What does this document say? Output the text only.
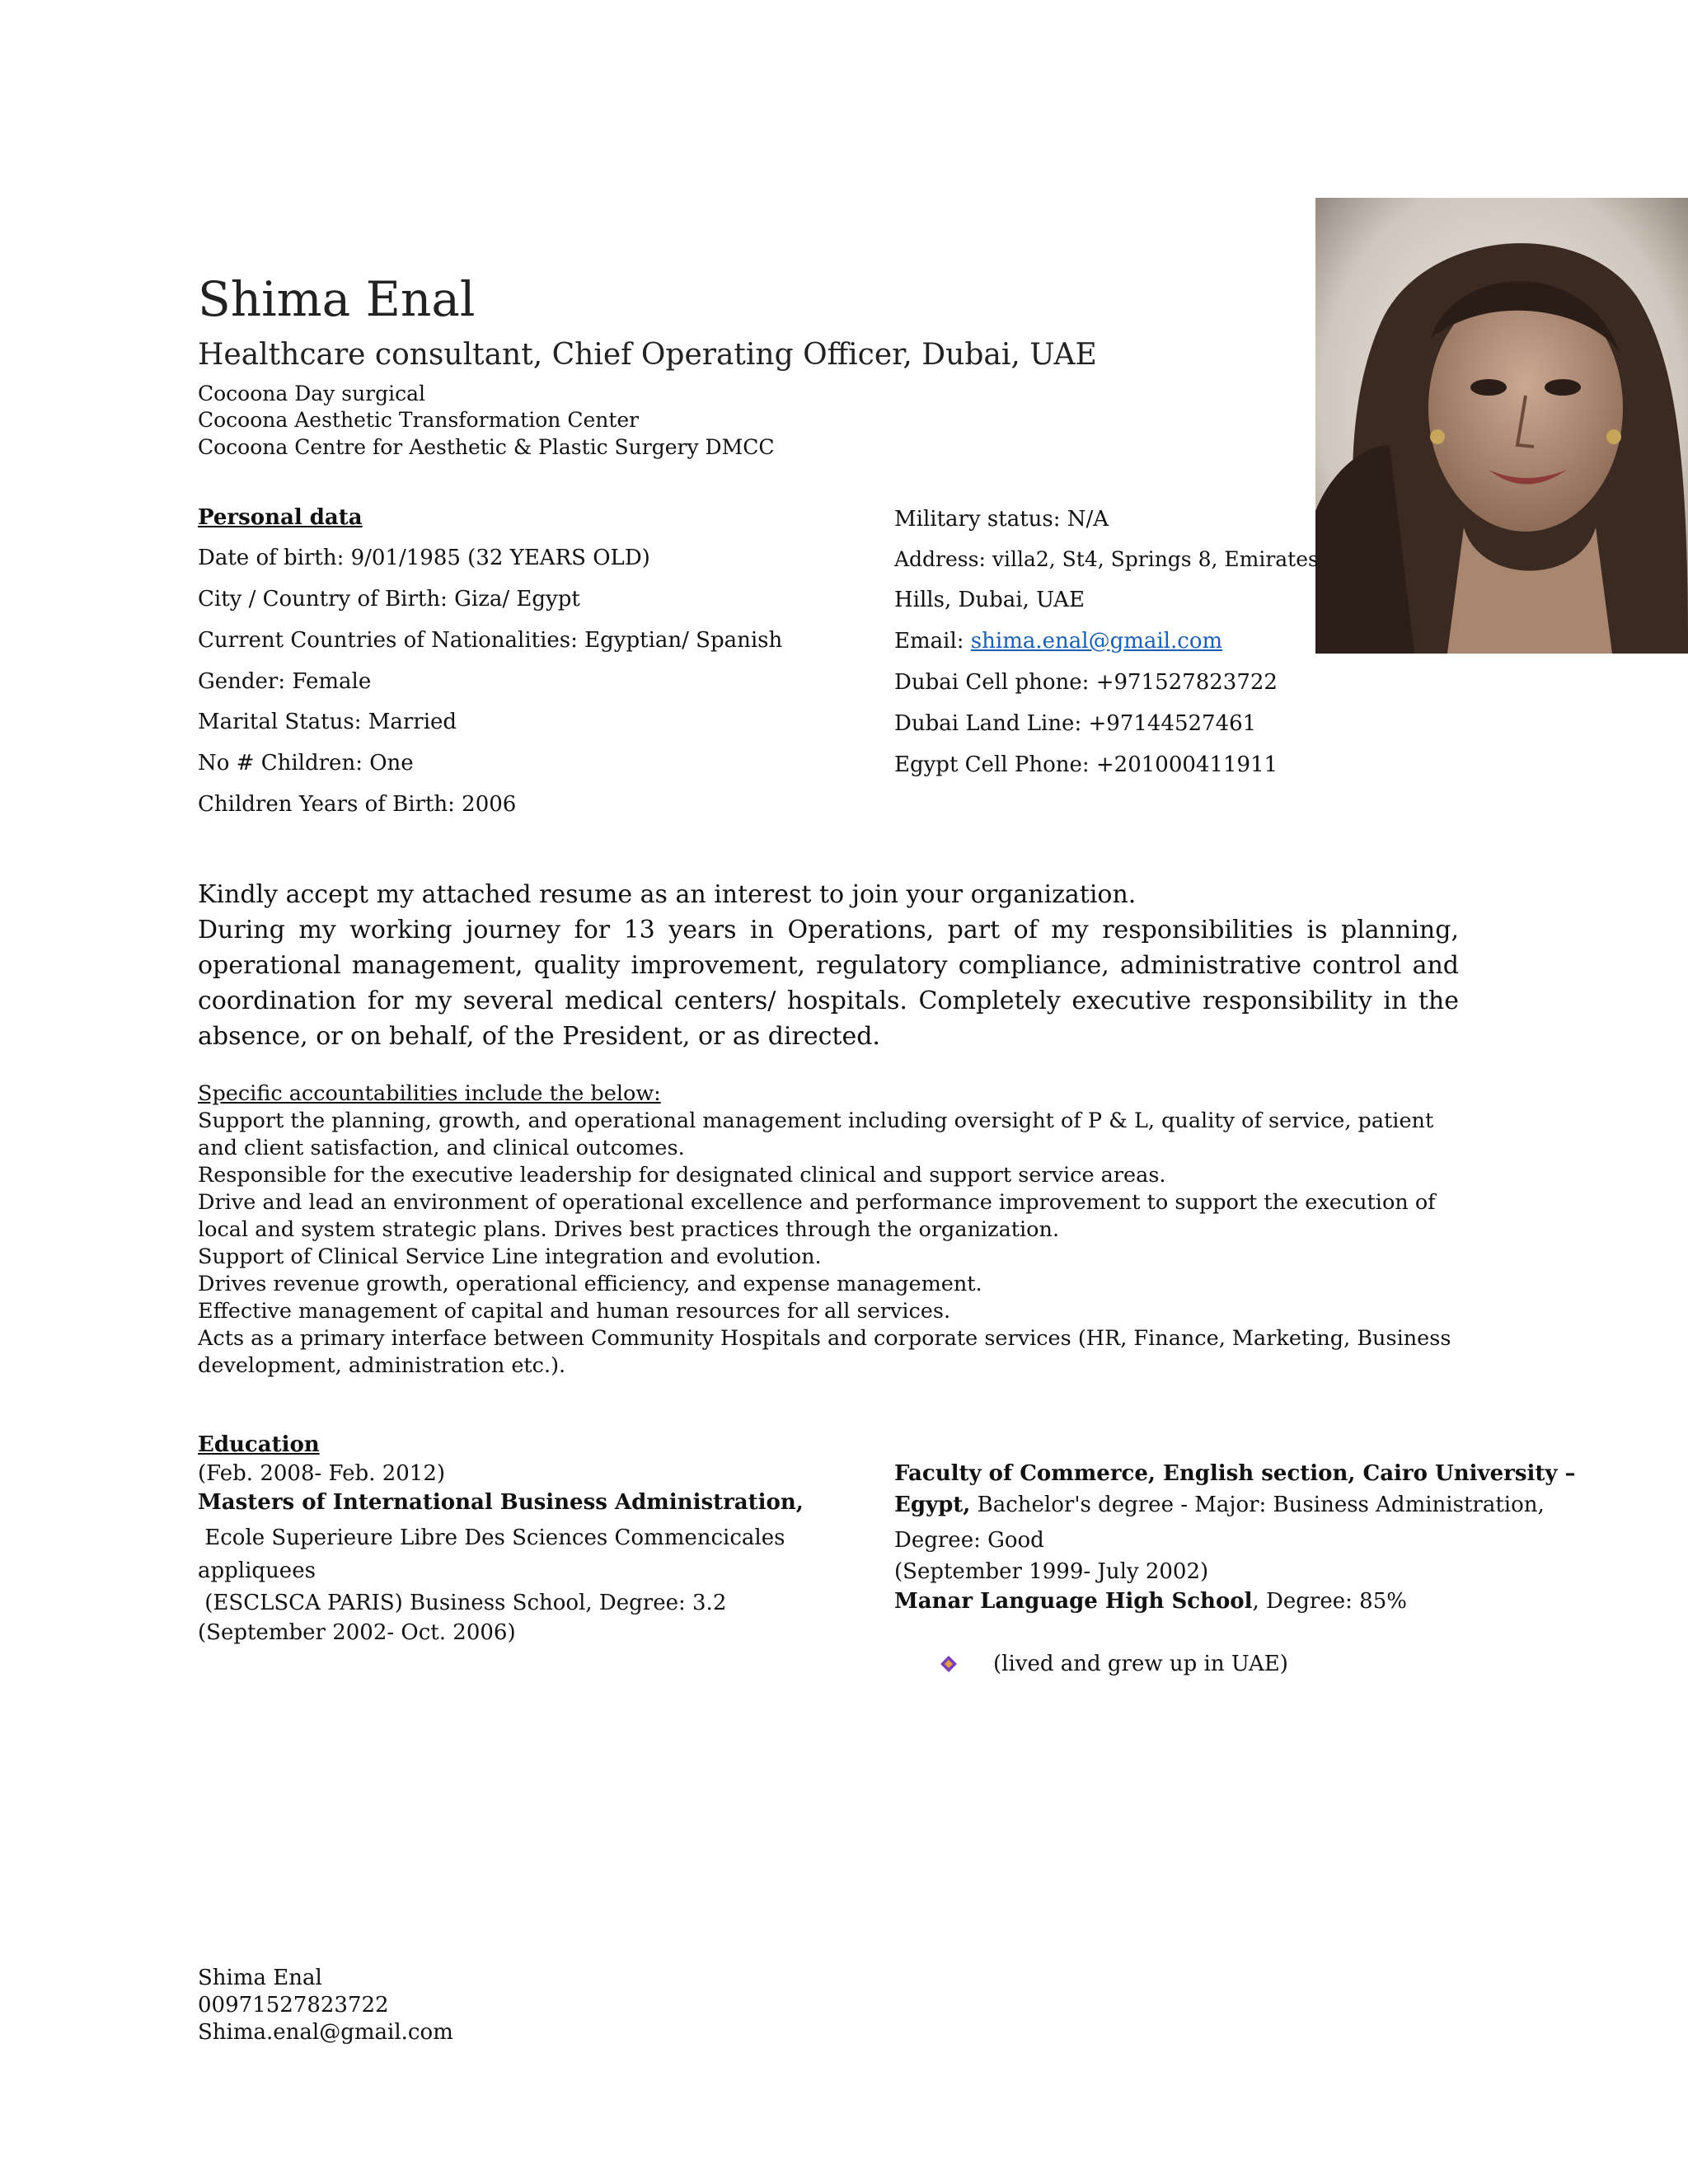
Shima Enal
Healthcare consultant, Chief Operating Officer, Dubai, UAE
Cocoona Day surgical
Cocoona Aesthetic Transformation Center
Cocoona Centre for Aesthetic & Plastic Surgery DMCC
Personal data
Date of birth: 9/01/1985 (32 YEARS OLD)
City / Country of Birth: Giza/ Egypt
Current Countries of Nationalities: Egyptian/ Spanish
Gender: Female
Marital Status: Married
No # Children: One
Children Years of Birth: 2006
Military status: N/A
Address: villa2, St4, Springs 8, Emirates
Hills, Dubai, UAE
Email: shima.enal@gmail.com
Dubai Cell phone: +971527823722
Dubai Land Line: +97144527461
Egypt Cell Phone: +201000411911
Kindly accept my attached resume as an interest to join your organization.
During my working journey for 13 years in Operations, part of my responsibilities is planning, operational management, quality improvement, regulatory compliance, administrative control and coordination for my several medical centers/ hospitals. Completely executive responsibility in the absence, or on behalf, of the President, or as directed.
Specific accountabilities include the below:
Support the planning, growth, and operational management including oversight of P & L, quality of service, patient and client satisfaction, and clinical outcomes.
Responsible for the executive leadership for designated clinical and support service areas.
Drive and lead an environment of operational excellence and performance improvement to support the execution of local and system strategic plans. Drives best practices through the organization.
Support of Clinical Service Line integration and evolution.
Drives revenue growth, operational efficiency, and expense management.
Effective management of capital and human resources for all services.
Acts as a primary interface between Community Hospitals and corporate services (HR, Finance, Marketing, Business development, administration etc.).
Education
(Feb. 2008- Feb. 2012)
Masters of International Business Administration,
Ecole Superieure Libre Des Sciences Commencicales
appliquees
(ESCLSCA PARIS) Business School, Degree: 3.2
(September 2002- Oct. 2006)
Faculty of Commerce, English section, Cairo University –
Egypt, Bachelor's degree - Major: Business Administration,
Degree: Good
(September 1999- July 2002)
Manar Language High School, Degree: 85%
(lived and grew up in UAE)
Shima Enal
00971527823722
Shima.enal@gmail.com
